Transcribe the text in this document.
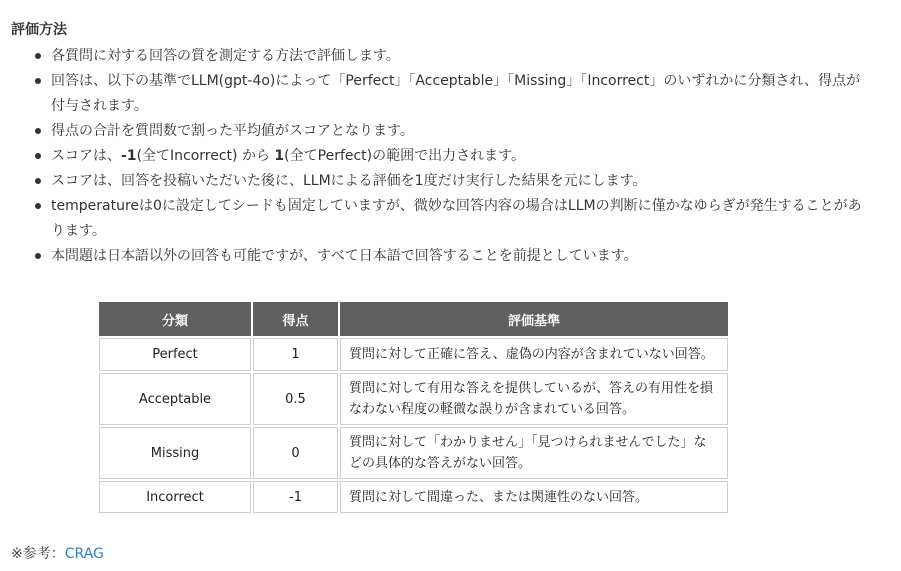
評価方法
各質問に対する回答の質を測定する方法で評価します。
回答は、以下の基準でLLM(gpt-4o)によって「Perfect」「Acceptable」「Missing」「Incorrect」のいずれかに分類され、得点が付与されます。
得点の合計を質問数で割った平均値がスコアとなります。
スコアは、-1(全てIncorrect) から 1(全てPerfect)の範囲で出力されます。
スコアは、回答を投稿いただいた後に、LLMによる評価を1度だけ実行した結果を元にします。
temperatureは0に設定してシードも固定していますが、微妙な回答内容の場合はLLMの判断に僅かなゆらぎが発生することがあります。
本問題は日本語以外の回答も可能ですが、すべて日本語で回答することを前提としています。
分類	得点	評価基準
Perfect	1	質問に対して正確に答え、虚偽の内容が含まれていない回答。
Acceptable	0.5	質問に対して有用な答えを提供しているが、答えの有用性を損なわない程度の軽微な誤りが含まれている回答。
Missing	0	質問に対して「わかりません」「見つけられませんでした」などの具体的な答えがない回答。
Incorrect	-1	質問に対して間違った、または関連性のない回答。
※参考：CRAG
